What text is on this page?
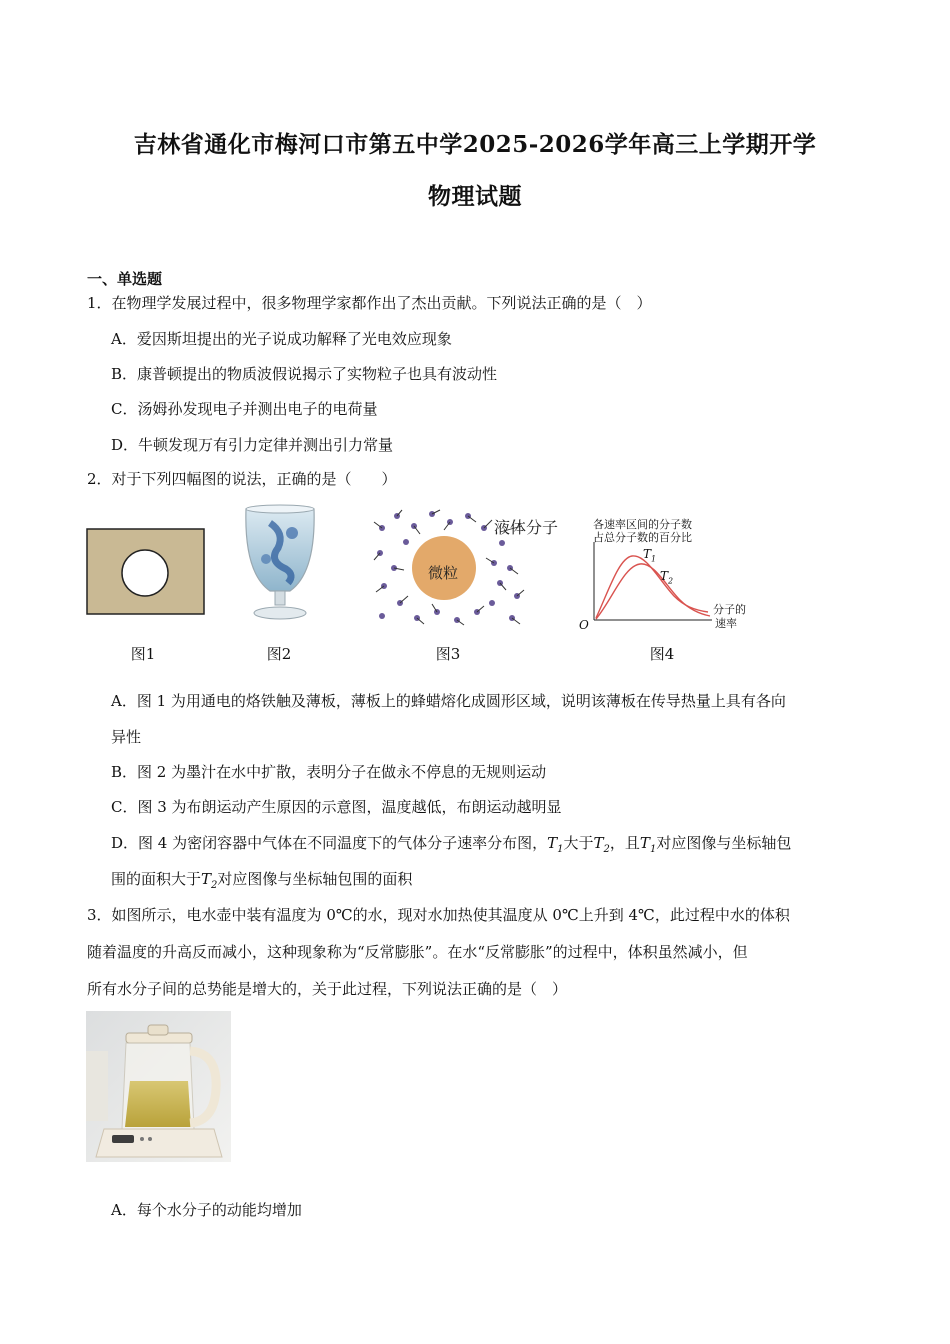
吉林省通化市梅河口市第五中学2025-2026学年高三上学期开学
物理试题
一、单选题
1．在物理学发展过程中，很多物理学家都作出了杰出贡献。下列说法正确的是（　）
A．爱因斯坦提出的光子说成功解释了光电效应现象
B．康普顿提出的物质波假说揭示了实物粒子也具有波动性
C．汤姆孙发现电子并测出电子的电荷量
D．牛顿发现万有引力定律并测出引力常量
2．对于下列四幅图的说法，正确的是（　　）
微粒
液体分子	各速率区间的分子数
占总分子数的百分比
分子的
速率
O
$T_1$
$T_2$
图1	图2	图3	图4
A．图 1 为用通电的烙铁触及薄板，薄板上的蜂蜡熔化成圆形区域，说明该薄板在传导热量上具有各向
异性
B．图 2 为墨汁在水中扩散，表明分子在做永不停息的无规则运动
C．图 3 为布朗运动产生原因的示意图，温度越低，布朗运动越明显
D．图 4 为密闭容器中气体在不同温度下的气体分子速率分布图，$T_1$大于$T_2$，且$T_1$对应图像与坐标轴包
围的面积大于$T_2$对应图像与坐标轴包围的面积
3．如图所示，电水壶中装有温度为 0℃的水，现对水加热使其温度从 0℃上升到 4℃，此过程中水的体积
随着温度的升高反而减小，这种现象称为“反常膨胀”。在水“反常膨胀”的过程中，体积虽然减小，但
所有水分子间的总势能是增大的，关于此过程，下列说法正确的是（　）
A．每个水分子的动能均增加
